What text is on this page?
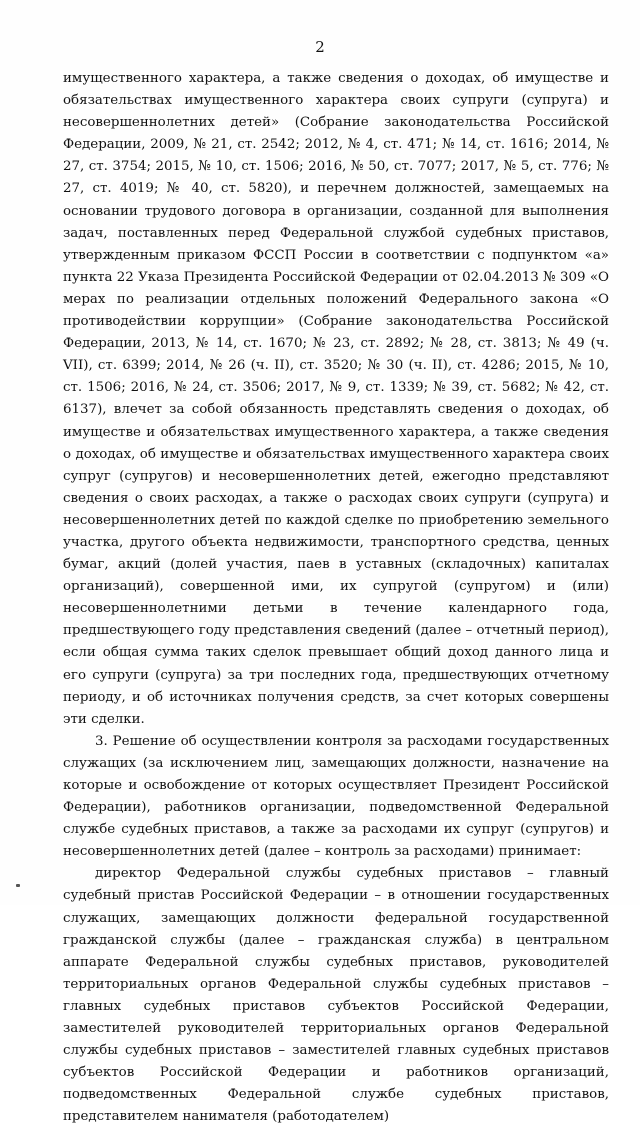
2

имущественного характера, а также сведения о доходах, об имуществе и обязательствах имущественного характера своих супруги (супруга) и несовершеннолетних детей» (Собрание законодательства Российской Федерации, 2009, № 21, ст. 2542; 2012, № 4, ст. 471; № 14, ст. 1616; 2014, № 27, ст. 3754; 2015, № 10, ст. 1506; 2016, № 50, ст. 7077; 2017, № 5, ст. 776; № 27, ст. 4019; № 40, ст. 5820), и перечнем должностей, замещаемых на основании трудового договора в организации, созданной для выполнения задач, поставленных перед Федеральной службой судебных приставов, утвержденным приказом ФССП России в соответствии с подпунктом «а» пункта 22 Указа Президента Российской Федерации от 02.04.2013 № 309 «О мерах по реализации отдельных положений Федерального закона «О противодействии коррупции» (Собрание законодательства Российской Федерации, 2013, № 14, ст. 1670; № 23, ст. 2892; № 28, ст. 3813; № 49 (ч. VII), ст. 6399; 2014, № 26 (ч. II), ст. 3520; № 30 (ч. II), ст. 4286; 2015, № 10, ст. 1506; 2016, № 24, ст. 3506; 2017, № 9, ст. 1339; № 39, ст. 5682; № 42, ст. 6137), влечет за собой обязанность представлять сведения о доходах, об имуществе и обязательствах имущественного характера, а также сведения о доходах, об имуществе и обязательствах имущественного характера своих супруг (супругов) и несовершеннолетних детей, ежегодно представляют сведения о своих расходах, а также о расходах своих супруги (супруга) и несовершеннолетних детей по каждой сделке по приобретению земельного участка, другого объекта недвижимости, транспортного средства, ценных бумаг, акций (долей участия, паев в уставных (складочных) капиталах организаций), совершенной ими, их супругой (супругом) и (или) несовершеннолетними детьми в течение календарного года, предшествующего году представления сведений (далее – отчетный период), если общая сумма таких сделок превышает общий доход данного лица и его супруги (супруга) за три последних года, предшествующих отчетному периоду, и об источниках получения средств, за счет которых совершены эти сделки.

3. Решение об осуществлении контроля за расходами государственных служащих (за исключением лиц, замещающих должности, назначение на которые и освобождение от которых осуществляет Президент Российской Федерации), работников организации, подведомственной Федеральной службе судебных приставов, а также за расходами их супруг (супругов) и несовершеннолетних детей (далее – контроль за расходами) принимает:

директор Федеральной службы судебных приставов – главный судебный пристав Российской Федерации – в отношении государственных служащих, замещающих должности федеральной государственной гражданской службы (далее – гражданская служба) в центральном аппарате Федеральной службы судебных приставов, руководителей территориальных органов Федеральной службы судебных приставов – главных судебных приставов субъектов Российской Федерации, заместителей руководителей территориальных органов Федеральной службы судебных приставов – заместителей главных судебных приставов субъектов Российской Федерации и работников организаций, подведомственных Федеральной службе судебных приставов, представителем нанимателя (работодателем)
